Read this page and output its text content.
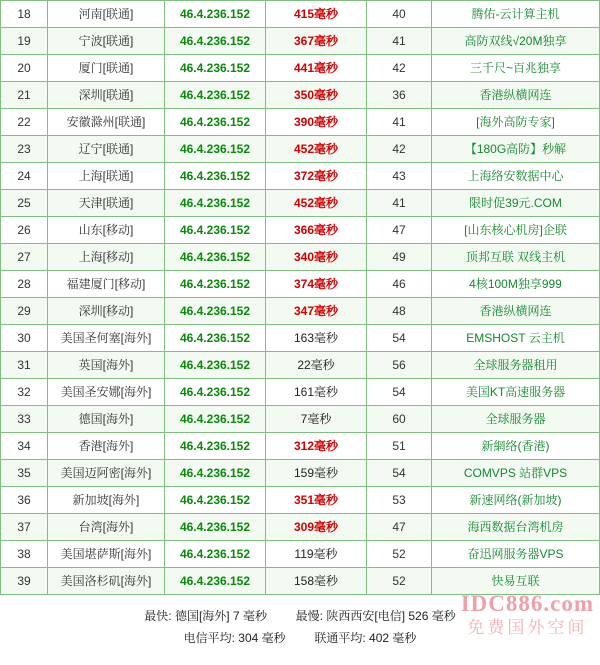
18	河南[联通]	46.4.236.152	415毫秒	40	腾佑-云计算主机
19	宁波[联通]	46.4.236.152	367毫秒	41	高防双线√20M独享
20	厦门[联通]	46.4.236.152	441毫秒	42	三千尺~百兆独享
21	深圳[联通]	46.4.236.152	350毫秒	36	香港纵横网连
22	安徽滁州[联通]	46.4.236.152	390毫秒	41	[海外高防专家]
23	辽宁[联通]	46.4.236.152	452毫秒	42	【180G高防】秒解
24	上海[联通]	46.4.236.152	372毫秒	43	上海络安数据中心
25	天津[联通]	46.4.236.152	452毫秒	41	限时促39元.COM
26	山东[移动]	46.4.236.152	366毫秒	47	[山东核心机房]企联
27	上海[移动]	46.4.236.152	340毫秒	49	顶邦互联 双线主机
28	福建厦门[移动]	46.4.236.152	374毫秒	46	4核100M独享999
29	深圳[移动]	46.4.236.152	347毫秒	48	香港纵横网连
30	美国圣何塞[海外]	46.4.236.152	163毫秒	54	EMSHOST 云主机
31	英国[海外]	46.4.236.152	22毫秒	56	全球服务器租用
32	美国圣安娜[海外]	46.4.236.152	161毫秒	54	美国KT高速服务器
33	德国[海外]	46.4.236.152	7毫秒	60	全球服务器
34	香港[海外]	46.4.236.152	312毫秒	51	新網络(香港)
35	美国迈阿密[海外]	46.4.236.152	159毫秒	54	COMVPS 站群VPS
36	新加坡[海外]	46.4.236.152	351毫秒	53	新速网络(新加坡)
37	台湾[海外]	46.4.236.152	309毫秒	47	海西数据台湾机房
38	美国堪萨斯[海外]	46.4.236.152	119毫秒	52	奋迅网服务器VPS
39	美国洛杉矶[海外]	46.4.236.152	158毫秒	52	快易互联
最快: 德国[海外] 7 毫秒 最慢: 陕西西安[电信] 526 毫秒
电信平均: 304 毫秒 联通平均: 402 毫秒
IDC886.com
免费国外空间
